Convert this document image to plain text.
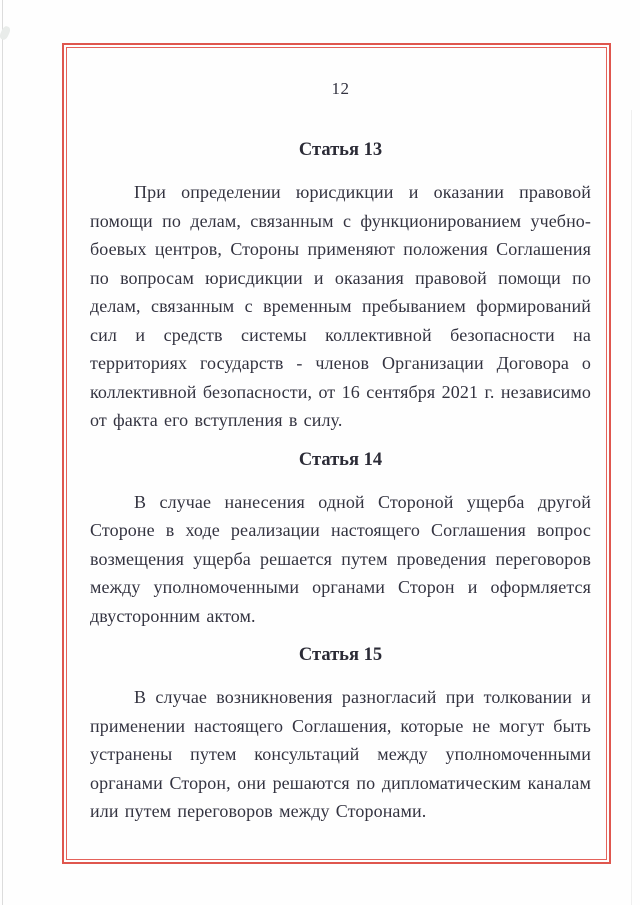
12
Статья 13

При определении юрисдикции и оказании правовой помощи по делам, связанным с функционированием учебно-боевых центров, Стороны применяют положения Соглашения по вопросам юрисдикции и оказания правовой помощи по делам, связанным с временным пребыванием формирований сил и средств системы коллективной безопасности на территориях государств - членов Организации Договора о коллективной безопасности, от 16 сентября 2021 г. независимо от факта его вступления в силу.

Статья 14

В случае нанесения одной Стороной ущерба другой Стороне в ходе реализации настоящего Соглашения вопрос возмещения ущерба решается путем проведения переговоров между уполномоченными органами Сторон и оформляется двусторонним актом.

Статья 15

В случае возникновения разногласий при толковании и применении настоящего Соглашения, которые не могут быть устранены путем консультаций между уполномоченными органами Сторон, они решаются по дипломатическим каналам или путем переговоров между Сторонами.
